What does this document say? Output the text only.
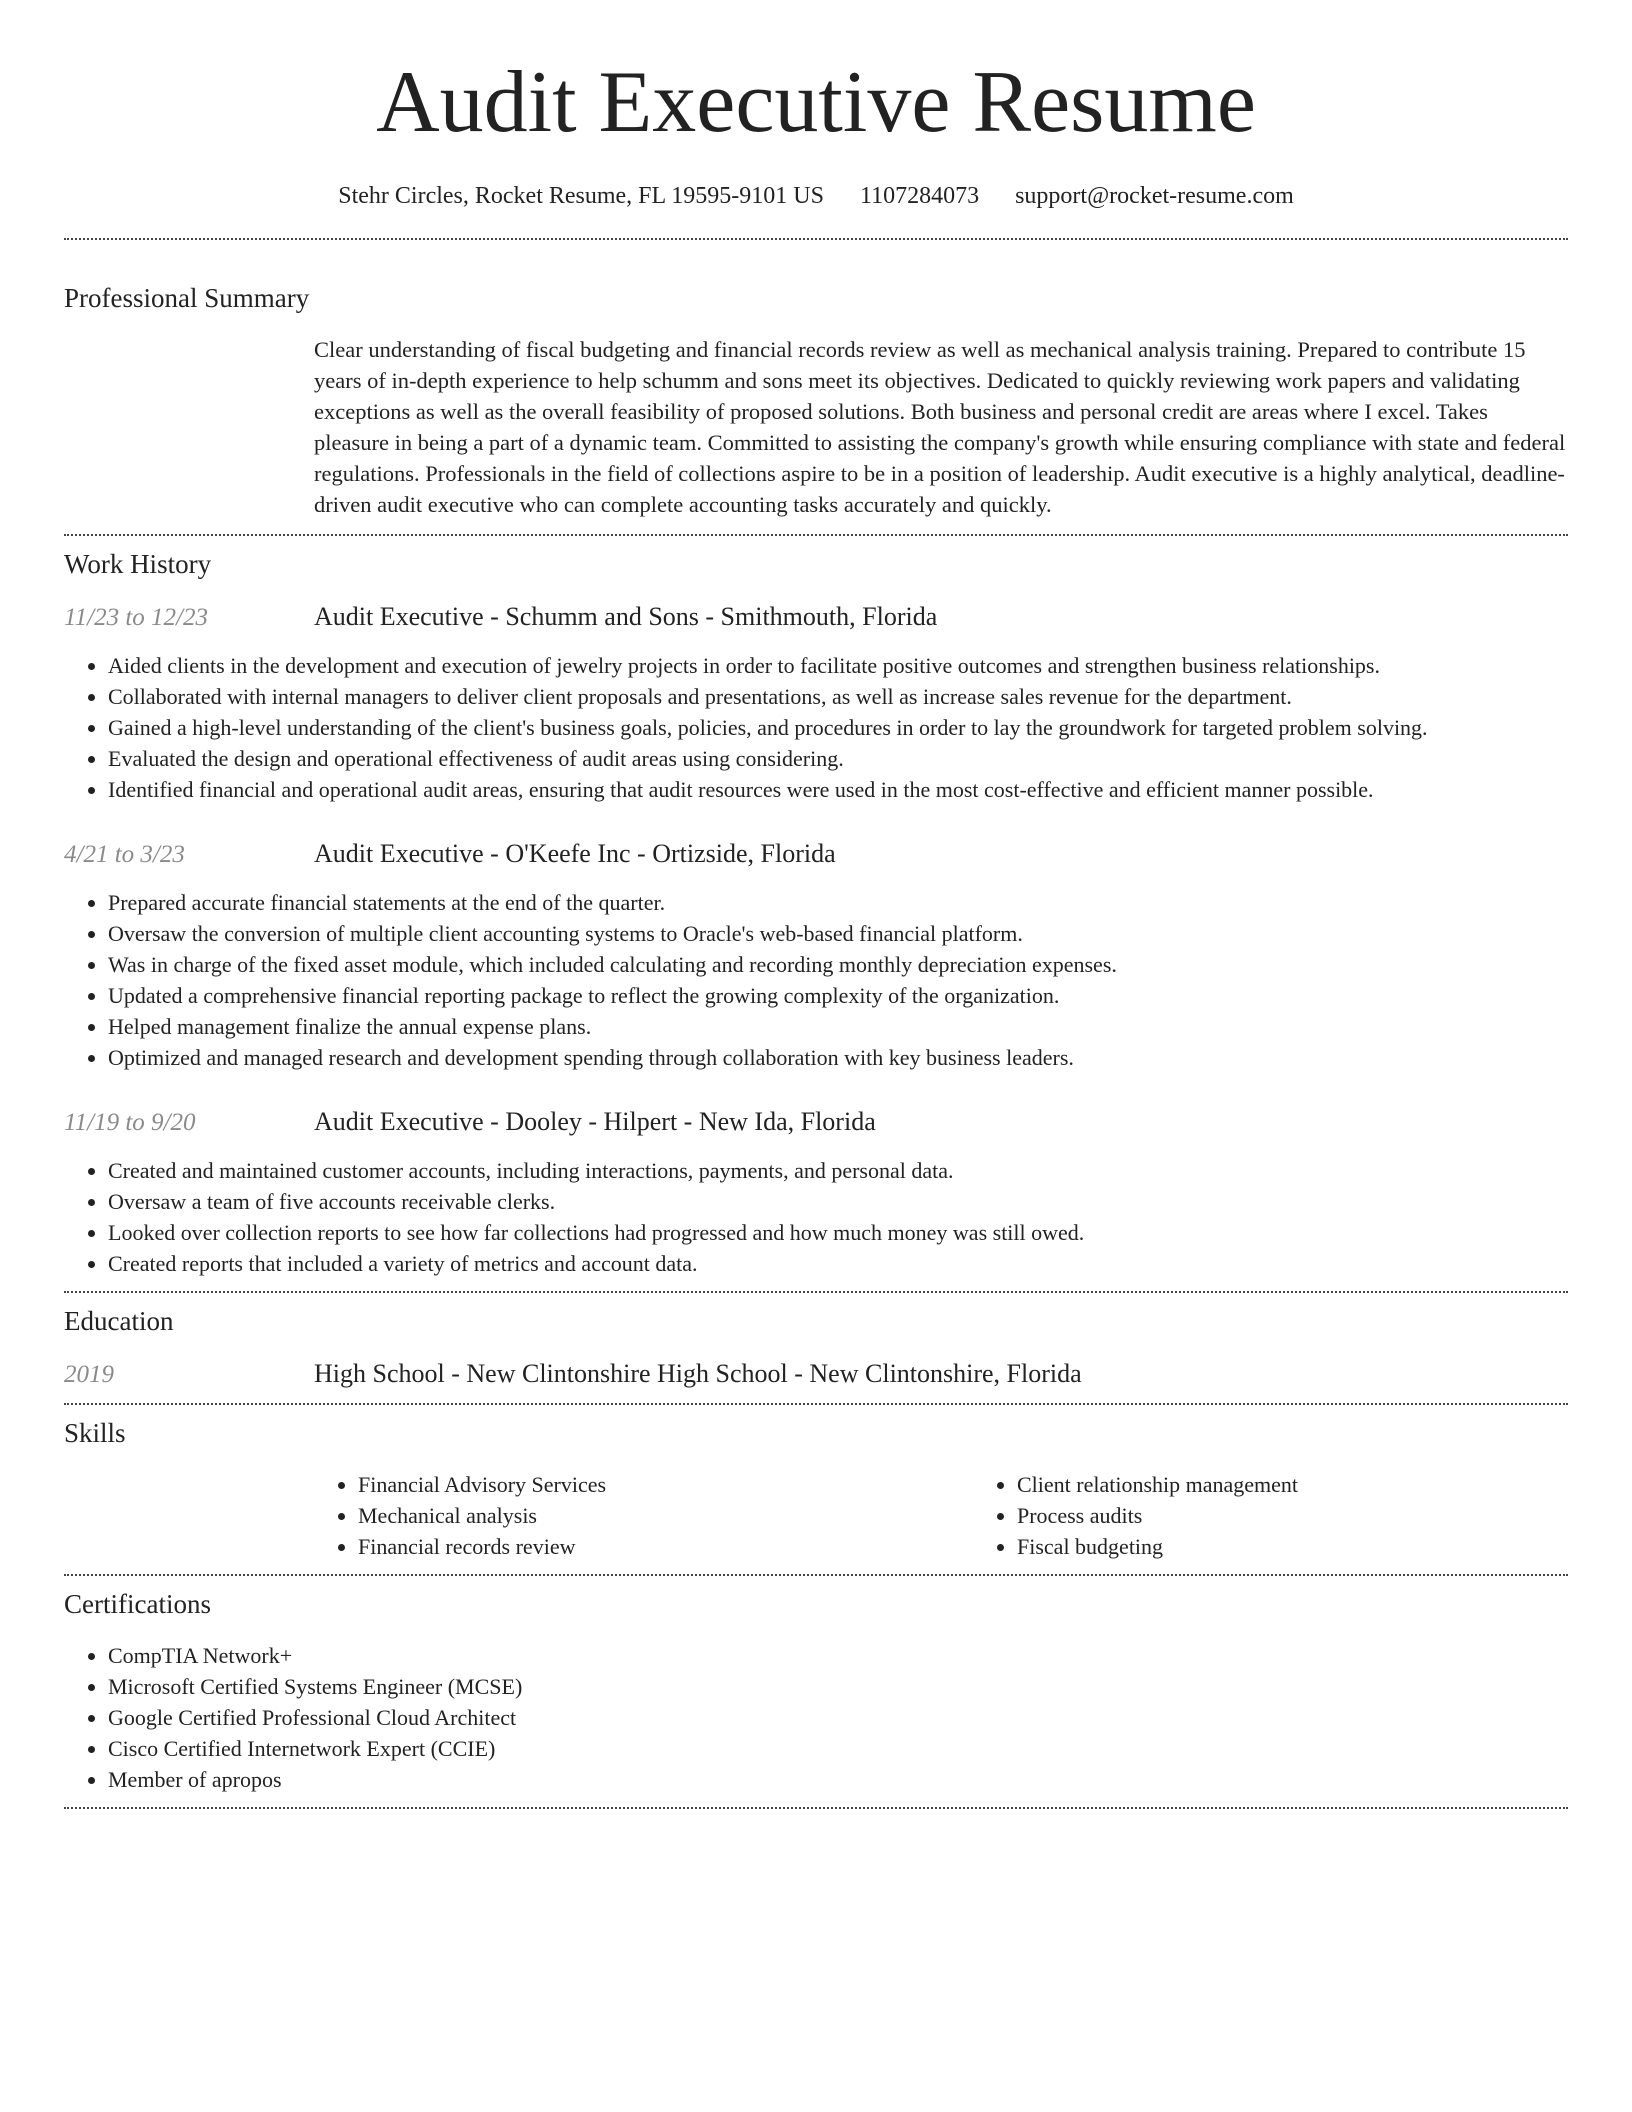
Audit Executive Resume
Stehr Circles, Rocket Resume, FL 19595-9101 US 1107284073 support@rocket-resume.com
Professional Summary
Clear understanding of fiscal budgeting and financial records review as well as mechanical analysis training. Prepared to contribute 15 years of in-depth experience to help schumm and sons meet its objectives. Dedicated to quickly reviewing work papers and validating exceptions as well as the overall feasibility of proposed solutions. Both business and personal credit are areas where I excel. Takes pleasure in being a part of a dynamic team. Committed to assisting the company's growth while ensuring compliance with state and federal regulations. Professionals in the field of collections aspire to be in a position of leadership. Audit executive is a highly analytical, deadline-driven audit executive who can complete accounting tasks accurately and quickly.
Work History
11/23 to 12/23	Audit Executive - Schumm and Sons - Smithmouth, Florida
• Aided clients in the development and execution of jewelry projects in order to facilitate positive outcomes and strengthen business relationships.
• Collaborated with internal managers to deliver client proposals and presentations, as well as increase sales revenue for the department.
• Gained a high-level understanding of the client's business goals, policies, and procedures in order to lay the groundwork for targeted problem solving.
• Evaluated the design and operational effectiveness of audit areas using considering.
• Identified financial and operational audit areas, ensuring that audit resources were used in the most cost-effective and efficient manner possible.
4/21 to 3/23	Audit Executive - O'Keefe Inc - Ortizside, Florida
• Prepared accurate financial statements at the end of the quarter.
• Oversaw the conversion of multiple client accounting systems to Oracle's web-based financial platform.
• Was in charge of the fixed asset module, which included calculating and recording monthly depreciation expenses.
• Updated a comprehensive financial reporting package to reflect the growing complexity of the organization.
• Helped management finalize the annual expense plans.
• Optimized and managed research and development spending through collaboration with key business leaders.
11/19 to 9/20	Audit Executive - Dooley - Hilpert - New Ida, Florida
• Created and maintained customer accounts, including interactions, payments, and personal data.
• Oversaw a team of five accounts receivable clerks.
• Looked over collection reports to see how far collections had progressed and how much money was still owed.
• Created reports that included a variety of metrics and account data.
Education
2019	High School - New Clintonshire High School - New Clintonshire, Florida
Skills
• Financial Advisory Services
• Mechanical analysis
• Financial records review
• Client relationship management
• Process audits
• Fiscal budgeting
Certifications
• CompTIA Network+
• Microsoft Certified Systems Engineer (MCSE)
• Google Certified Professional Cloud Architect
• Cisco Certified Internetwork Expert (CCIE)
• Member of apropos
